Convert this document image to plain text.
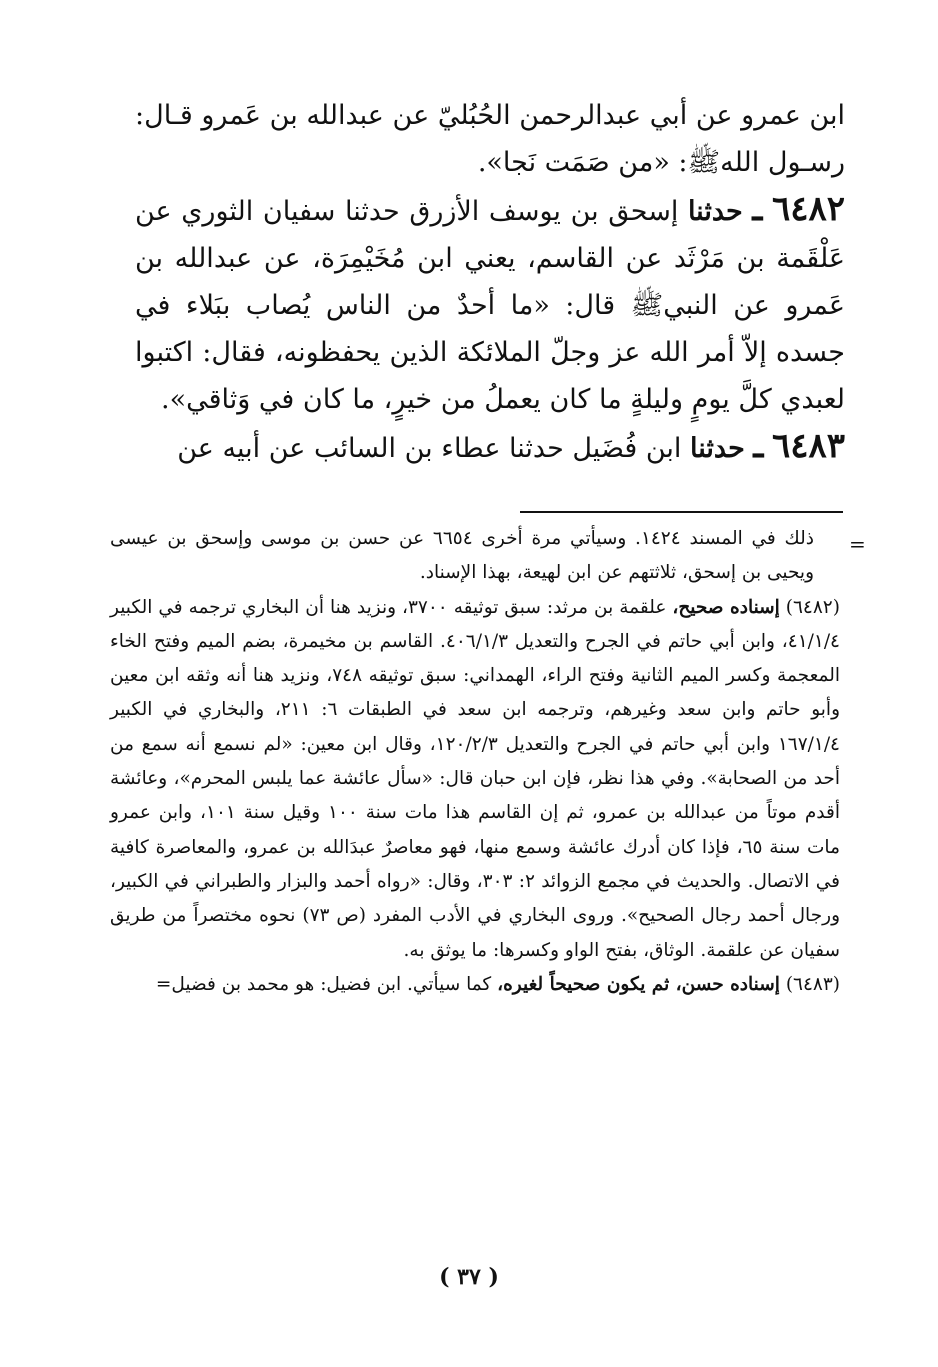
ابن عمرو عن أبي عبدالرحمن الحُبُليّ عن عبدالله بن عَمرو قـال: رسـول اللهﷺ: «من صَمَت نَجا».

٦٤٨٢ ـ حدثنا إسحق بن يوسف الأزرق حدثنا سفيان الثوري عن عَلْقَمة بن مَرْثَد عن القاسم، يعني ابن مُخَيْمِرَة، عن عبدالله بن عَمرو عن النبيﷺ قال: «ما أحدٌ من الناس يُصاب ببَلاء في جسده إلاّ أمر الله عز وجلّ الملائكة الذين يحفظونه، فقال: اكتبوا لعبدي كلَّ يومٍ وليلةٍ ما كان يعملُ من خيرٍ، ما كان في وَثاقي».

٦٤٨٣ ـ حدثنا ابن فُضَيل حدثنا عطاء بن السائب عن أبيه عن

=

ذلك في المسند ١٤٢٤. وسيأتي مرة أخرى ٦٦٥٤ عن حسن بن موسى وإسحق بن عيسى ويحيى بن إسحق، ثلاثتهم عن ابن لهيعة، بهذا الإسناد.

(٦٤٨٢) إسناده صحيح، علقمة بن مرثد: سبق توثيقه ٣٧٠٠، ونزيد هنا أن البخاري ترجمه في الكبير ٤١/١/٤، وابن أبي حاتم في الجرح والتعديل ٤٠٦/١/٣. القاسم بن مخيمرة، بضم الميم وفتح الخاء المعجمة وكسر الميم الثانية وفتح الراء، الهمداني: سبق توثيقه ٧٤٨، ونزيد هنا أنه وثقه ابن معين وأبو حاتم وابن سعد وغيرهم، وترجمه ابن سعد في الطبقات ٦: ٢١١، والبخاري في الكبير ١٦٧/١/٤ وابن أبي حاتم في الجرح والتعديل ١٢٠/٢/٣، وقال ابن معين: «لم نسمع أنه سمع من أحد من الصحابة». وفي هذا نظر، فإن ابن حبان قال: «سأل عائشة عما يلبس المحرم»، وعائشة أقدم موتاً من عبدالله بن عمرو، ثم إن القاسم هذا مات سنة ١٠٠ وقيل سنة ١٠١، وابن عمرو مات سنة ٦٥، فإذا كان أدرك عائشة وسمع منها، فهو معاصرٌ عبدَالله بن عمرو، والمعاصرة كافية في الاتصال. والحديث في مجمع الزوائد ٢: ٣٠٣، وقال: «رواه أحمد والبزار والطبراني في الكبير، ورجال أحمد رجال الصحيح». وروى البخاري في الأدب المفرد (ص ٧٣) نحوه مختصراً من طريق سفيان عن علقمة. الوثاق، بفتح الواو وكسرها: ما يوثق به.

(٦٤٨٣) إسناده حسن، ثم يكون صحيحاً لغيره، كما سيأتي. ابن فضيل: هو محمد بن فضيل=

( ٣٧ )
